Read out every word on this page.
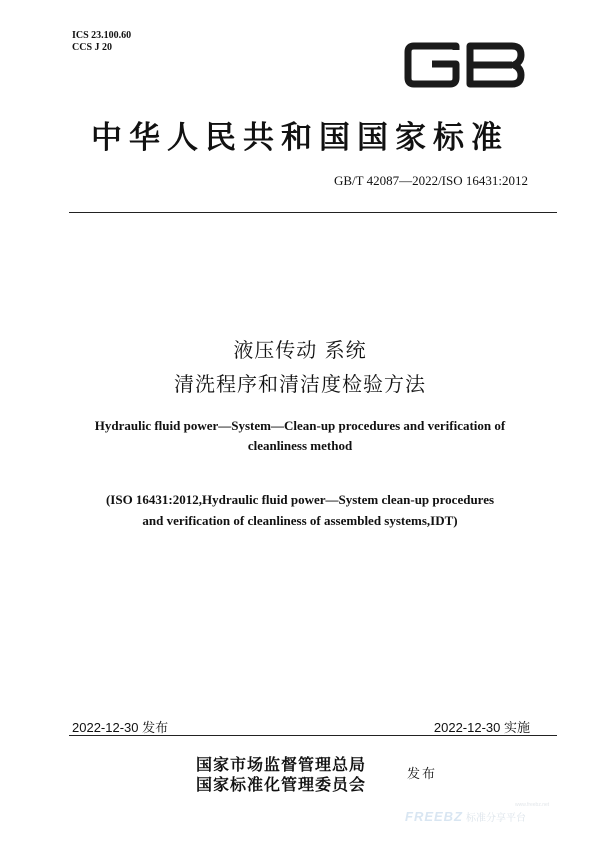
ICS 23.100.60
CCS J 20
GB
中华人民共和国国家标准
GB/T 42087—2022/ISO 16431:2012
液压传动 系统
清洗程序和清洁度检验方法
Hydraulic fluid power—System—Clean-up procedures and verification of
cleanliness method
(ISO 16431:2012,Hydraulic fluid power—System clean-up procedures
and verification of cleanliness of assembled systems,IDT)
2022-12-30 发布	2022-12-30 实施
国家市场监督管理总局
国家标准化管理委员会
发布
FREEBZ 标准分享平台
www.freebz.net
